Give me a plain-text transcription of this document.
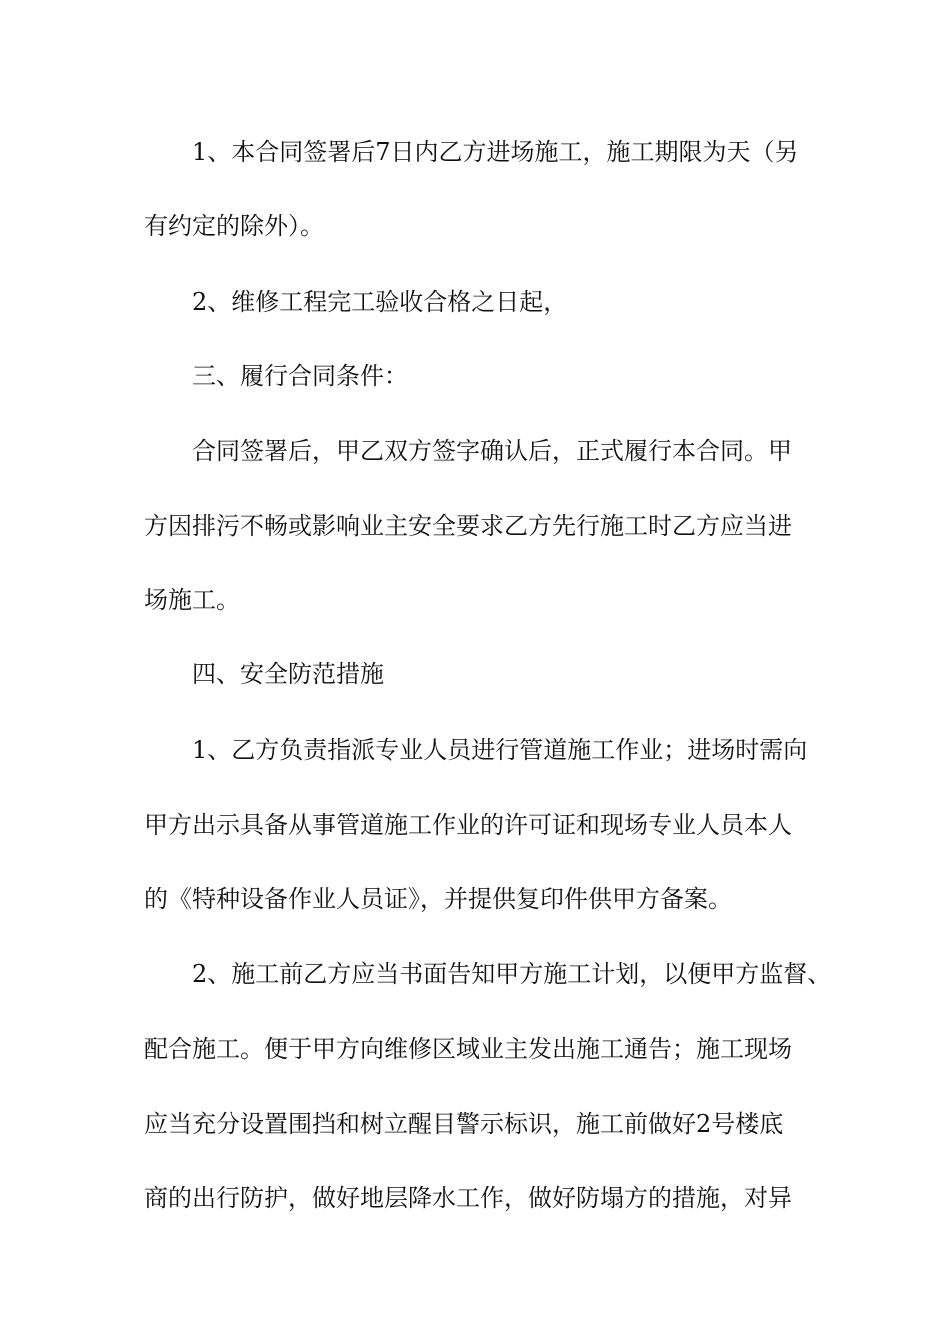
1、本合同签署后7日内乙方进场施工，施工期限为天（另
有约定的除外）。
2、维修工程完工验收合格之日起，
三、履行合同条件：
合同签署后，甲乙双方签字确认后，正式履行本合同。甲
方因排污不畅或影响业主安全要求乙方先行施工时乙方应当进
场施工。
四、安全防范措施
1、乙方负责指派专业人员进行管道施工作业；进场时需向
甲方出示具备从事管道施工作业的许可证和现场专业人员本人
的《特种设备作业人员证》，并提供复印件供甲方备案。
2、施工前乙方应当书面告知甲方施工计划，以便甲方监督、
配合施工。便于甲方向维修区域业主发出施工通告；施工现场
应当充分设置围挡和树立醒目警示标识，施工前做好2号楼底
商的出行防护，做好地层降水工作，做好防塌方的措施，对异
